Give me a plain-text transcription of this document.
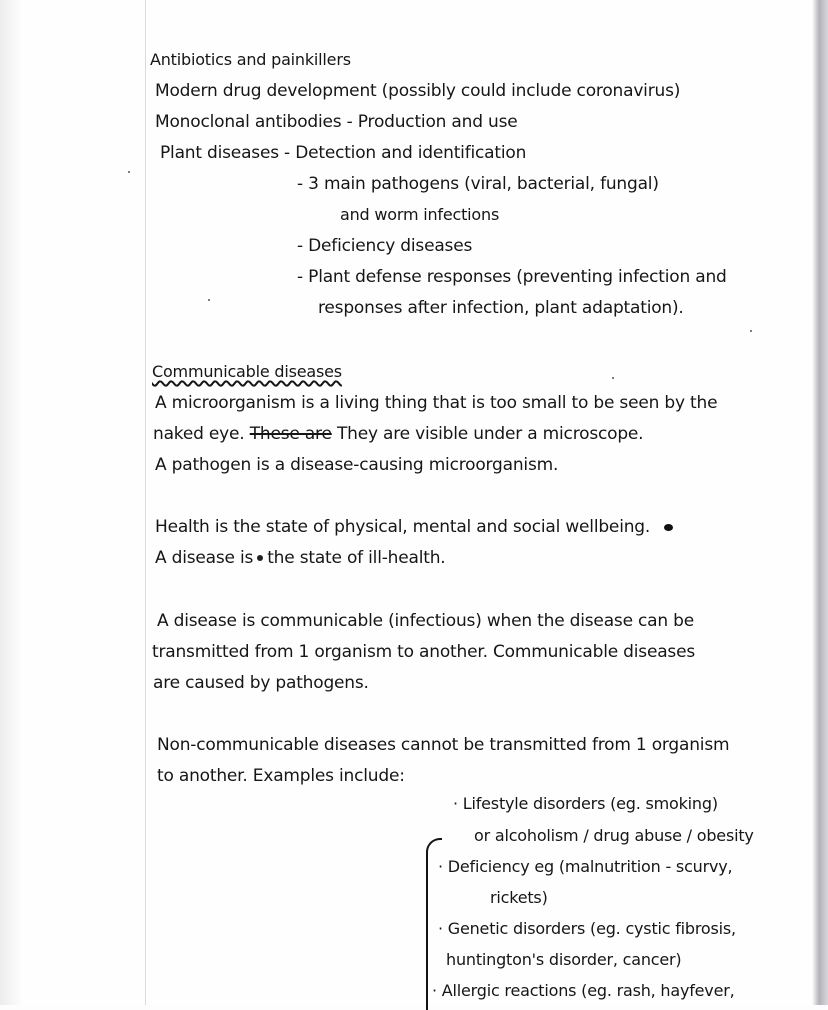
Antibiotics and painkillers
Modern drug development (possibly could include coronavirus)
Monoclonal antibodies - Production and use
Plant diseases - Detection and identification
- 3 main pathogens (viral, bacterial, fungal)
and worm infections
- Deficiency diseases
- Plant defense responses (preventing infection and
responses after infection, plant adaptation).
Communicable diseases
A microorganism is a living thing that is too small to be seen by the
naked eye. These are They are visible under a microscope.
A pathogen is a disease-causing microorganism.
Health is the state of physical, mental and social wellbeing.
A disease is the state of ill-health.
A disease is communicable (infectious) when the disease can be
transmitted from 1 organism to another. Communicable diseases
are caused by pathogens.
Non-communicable diseases cannot be transmitted from 1 organism
to another. Examples include:
· Lifestyle disorders (eg. smoking)
or alcoholism / drug abuse / obesity
· Deficiency eg (malnutrition - scurvy,
rickets)
· Genetic disorders (eg. cystic fibrosis,
huntington's disorder, cancer)
· Allergic reactions (eg. rash, hayfever,
